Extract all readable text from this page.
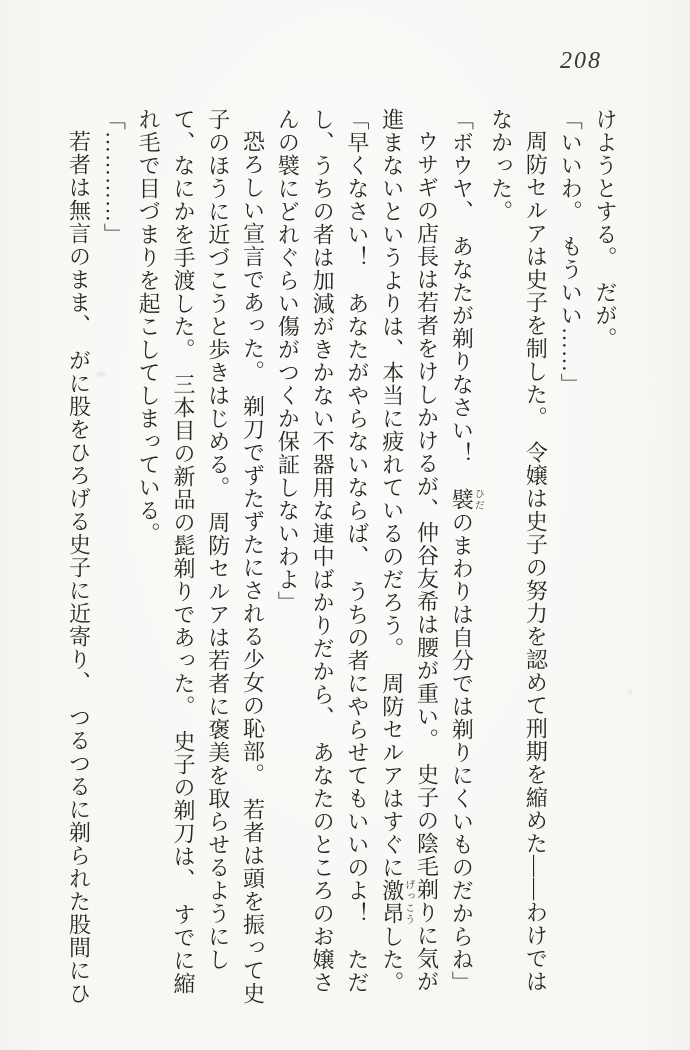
208

けようとする。　だが。

「いいわ。　もういい……」

周防セルアは史子を制した。　令嬢は史子の努力を認めて刑期を縮めた――わけではなかった。

「ボウヤ、　あなたが剃りなさい！　襞ひだのまわりは自分では剃りにくいものだからね」

ウサギの店長は若者をけしかけるが、仲谷友希は腰が重い。　史子の陰毛剃りに気が進まないというよりは、本当に疲れているのだろう。　周防セルアはすぐに激昂げっこうした。

「早くなさい！　あなたがやらないならば、　うちの者にやらせてもいいのよ！　ただし、うちの者は加減がきかない不器用な連中ばかりだから、　あなたのところのお嬢さんの襞にどれぐらい傷がつくか保証しないわよ」

恐ろしい宣言であった。　剃刀でずたずたにされる少女の恥部。　若者は頭を振って史子のほうに近づこうと歩きはじめる。　周防セルアは若者に褒美を取らせるようにして、なにかを手渡した。　三本目の新品の髭剃りであった。　史子の剃刀は、　すでに縮れ毛で目づまりを起こしてしまっている。

「…………」

若者は無言のまま、　がに股をひろげる史子に近寄り、　つるつるに剃られた股間にひ
